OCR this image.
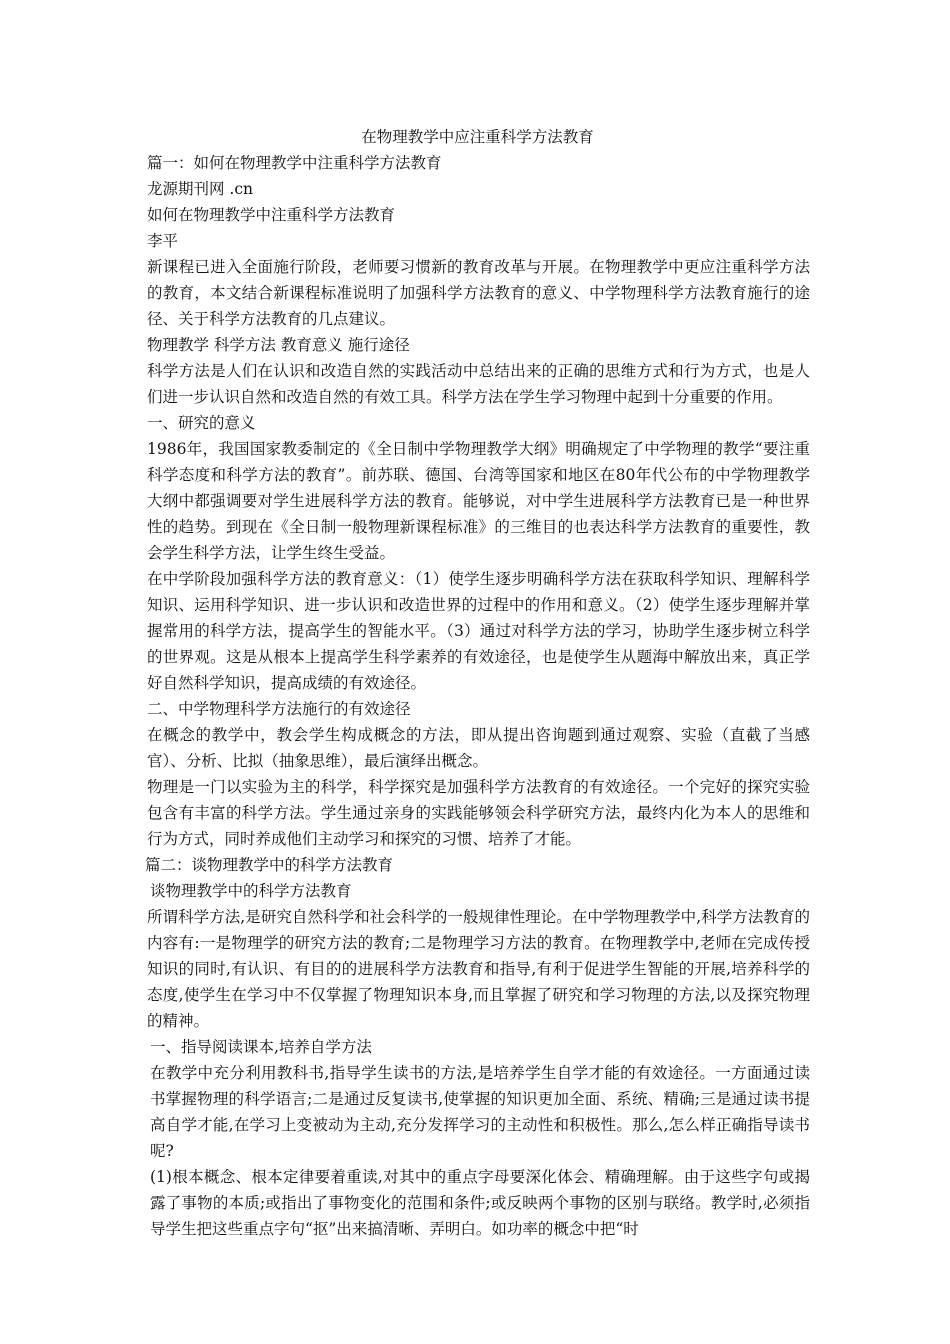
在物理教学中应注重科学方法教育
篇一：如何在物理教学中注重科学方法教育
龙源期刊网 .cn
如何在物理教学中注重科学方法教育
李平
新课程已进入全面施行阶段，老师要习惯新的教育改革与开展。在物理教学中更应注重科学方法的教育，本文结合新课程标准说明了加强科学方法教育的意义、中学物理科学方法教育施行的途径、关于科学方法教育的几点建议。
物理教学 科学方法 教育意义 施行途径
科学方法是人们在认识和改造自然的实践活动中总结出来的正确的思维方式和行为方式，也是人们进一步认识自然和改造自然的有效工具。科学方法在学生学习物理中起到十分重要的作用。
一、研究的意义
1986年，我国国家教委制定的《全日制中学物理教学大纲》明确规定了中学物理的教学“要注重科学态度和科学方法的教育”。前苏联、德国、台湾等国家和地区在80年代公布的中学物理教学大纲中都强调要对学生进展科学方法的教育。能够说，对中学生进展科学方法教育已是一种世界性的趋势。到现在《全日制一般物理新课程标准》的三维目的也表达科学方法教育的重要性，教会学生科学方法，让学生终生受益。
在中学阶段加强科学方法的教育意义：（1）使学生逐步明确科学方法在获取科学知识、理解科学知识、运用科学知识、进一步认识和改造世界的过程中的作用和意义。（2）使学生逐步理解并掌握常用的科学方法，提高学生的智能水平。（3）通过对科学方法的学习，协助学生逐步树立科学的世界观。这是从根本上提高学生科学素养的有效途径，也是使学生从题海中解放出来，真正学好自然科学知识，提高成绩的有效途径。
二、中学物理科学方法施行的有效途径
在概念的教学中，教会学生构成概念的方法，即从提出咨询题到通过观察、实验（直截了当感官）、分析、比拟（抽象思维），最后演绎出概念。
物理是一门以实验为主的科学，科学探究是加强科学方法教育的有效途径。一个完好的探究实验包含有丰富的科学方法。学生通过亲身的实践能够领会科学研究方法，最终内化为本人的思维和行为方式，同时养成他们主动学习和探究的习惯、培养了才能。
篇二：谈物理教学中的科学方法教育
谈物理教学中的科学方法教育
所谓科学方法,是研究自然科学和社会科学的一般规律性理论。在中学物理教学中,科学方法教育的内容有:一是物理学的研究方法的教育;二是物理学习方法的教育。在物理教学中,老师在完成传授知识的同时,有认识、有目的的进展科学方法教育和指导,有利于促进学生智能的开展,培养科学的态度,使学生在学习中不仅掌握了物理知识本身,而且掌握了研究和学习物理的方法,以及探究物理的精神。
一、指导阅读课本,培养自学方法
在教学中充分利用教科书,指导学生读书的方法,是培养学生自学才能的有效途径。一方面通过读书掌握物理的科学语言;二是通过反复读书,使掌握的知识更加全面、系统、精确;三是通过读书提高自学才能,在学习上变被动为主动,充分发挥学习的主动性和积极性。那么,怎么样正确指导读书呢?
(1)根本概念、根本定律要着重读,对其中的重点字母要深化体会、精确理解。由于这些字句或揭露了事物的本质;或指出了事物变化的范围和条件;或反映两个事物的区别与联络。教学时,必须指导学生把这些重点字句“抠”出来搞清晰、弄明白。如功率的概念中把“时
